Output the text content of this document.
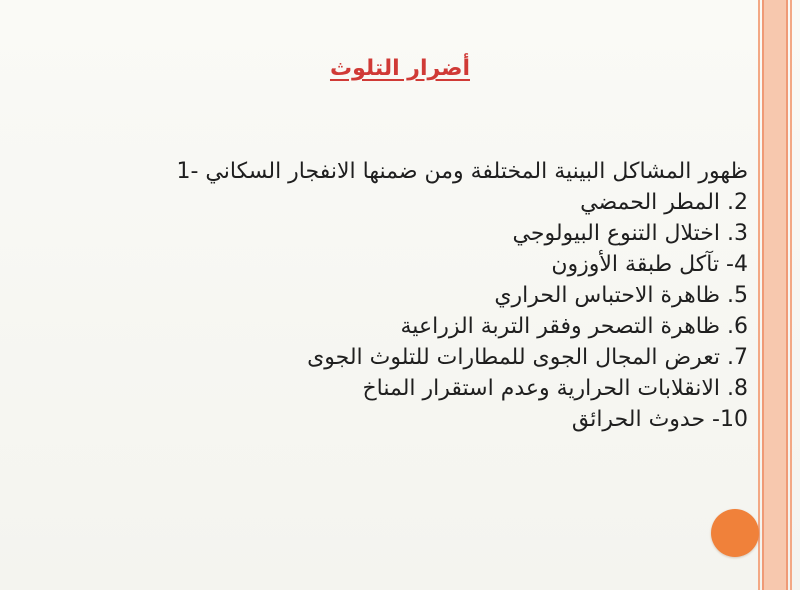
أضرار التلوث
ظهور المشاكل البينية المختلفة ومن ضمنها الانفجار السكاني -1
2. المطر الحمضي
3. اختلال التنوع البيولوجي
4- تآكل طبقة الأوزون
5. ظاهرة الاحتباس الحراري
6. ظاهرة التصحر وفقر التربة الزراعية
7. تعرض المجال الجوى للمطارات للتلوث الجوى
8. الانقلابات الحرارية وعدم استقرار المناخ
10- حدوث الحرائق
